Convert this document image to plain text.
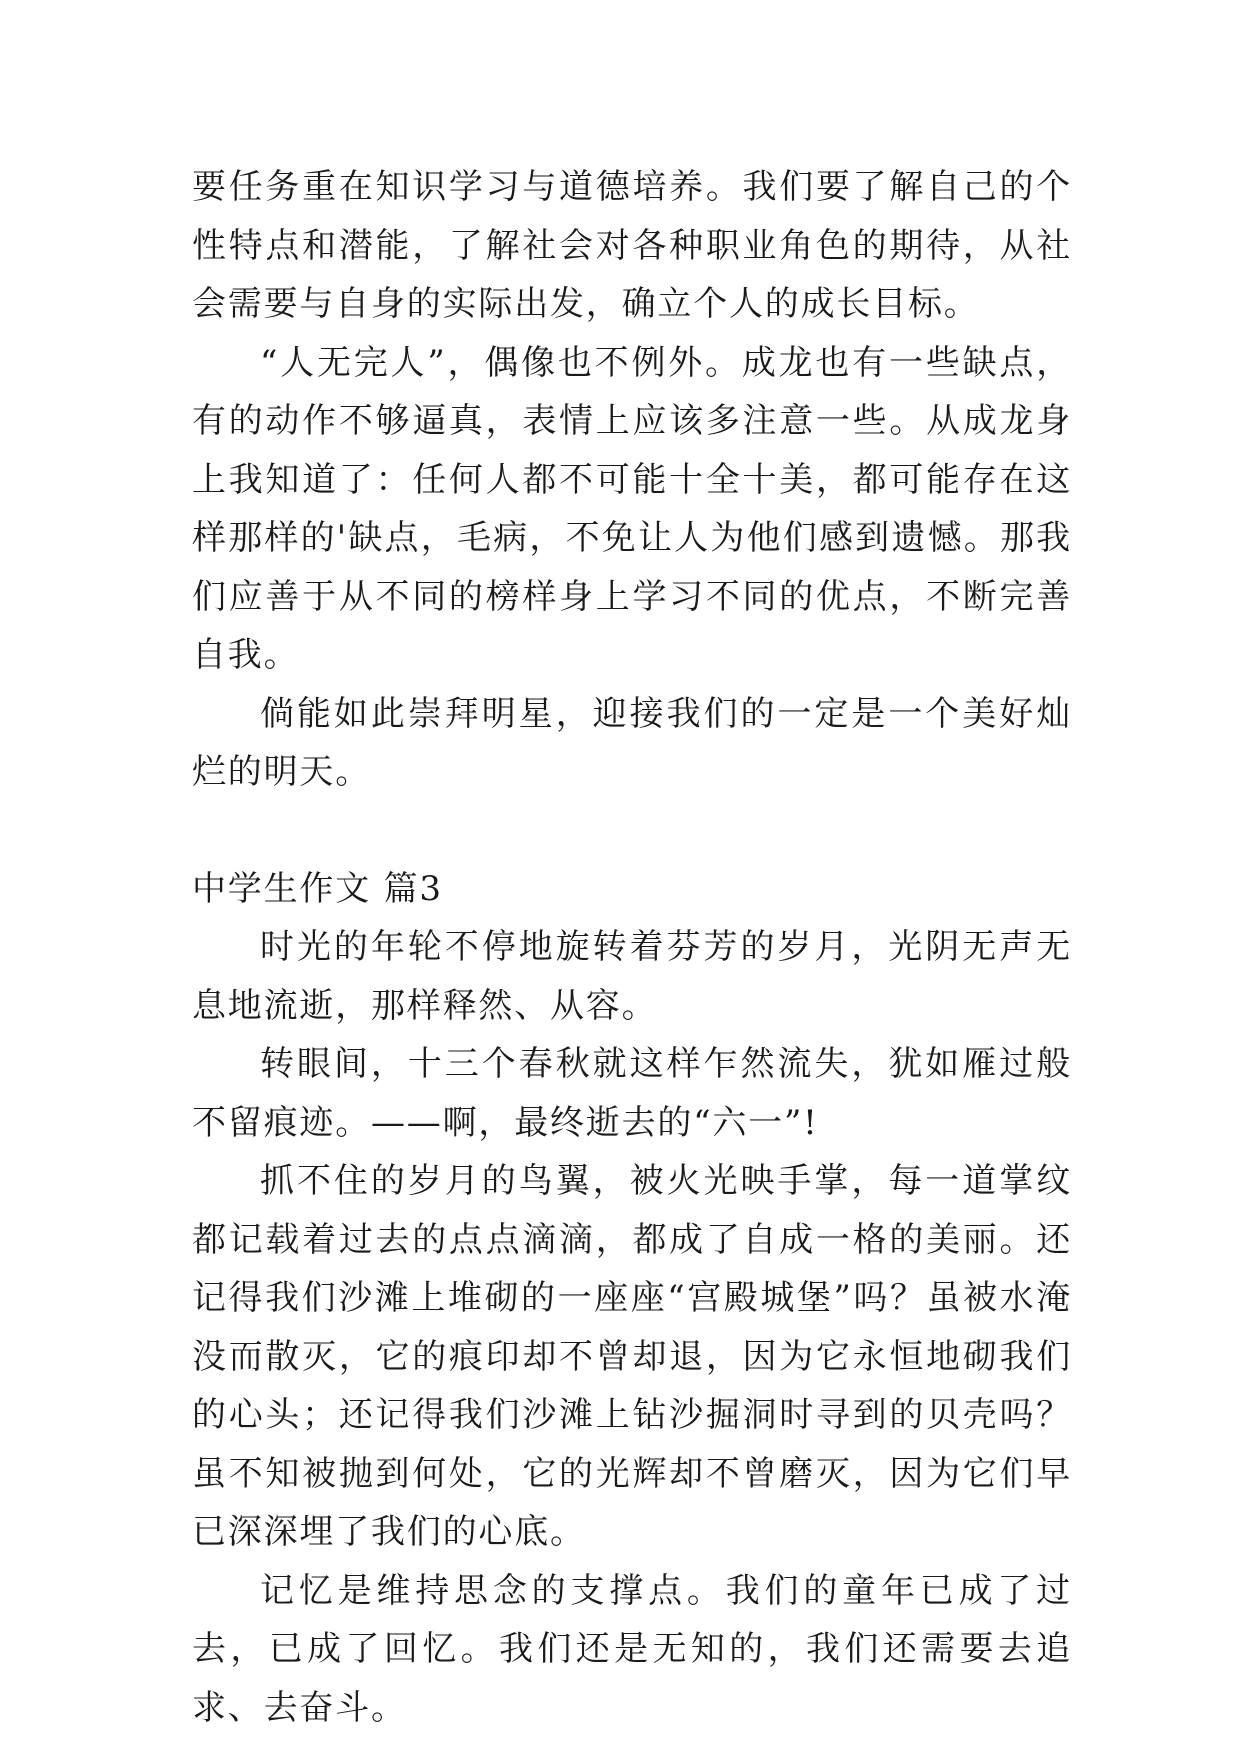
要任务重在知识学习与道德培养。我们要了解自己的个性特点和潜能，了解社会对各种职业角色的期待，从社会需要与自身的实际出发，确立个人的成长目标。

“人无完人”，偶像也不例外。成龙也有一些缺点，有的动作不够逼真，表情上应该多注意一些。从成龙身上我知道了：任何人都不可能十全十美，都可能存在这样那样的'缺点，毛病，不免让人为他们感到遗憾。那我们应善于从不同的榜样身上学习不同的优点，不断完善自我。

倘能如此崇拜明星，迎接我们的一定是一个美好灿烂的明天。

中学生作文 篇3

时光的年轮不停地旋转着芬芳的岁月，光阴无声无息地流逝，那样释然、从容。

转眼间，十三个春秋就这样乍然流失，犹如雁过般不留痕迹。——啊，最终逝去的“六一”!

抓不住的岁月的鸟翼，被火光映手掌，每一道掌纹都记载着过去的点点滴滴，都成了自成一格的美丽。还记得我们沙滩上堆砌的一座座“宫殿城堡”吗？虽被水淹没而散灭，它的痕印却不曾却退，因为它永恒地砌我们的心头；还记得我们沙滩上钻沙掘洞时寻到的贝壳吗？虽不知被抛到何处，它的光辉却不曾磨灭，因为它们早已深深埋了我们的心底。

记忆是维持思念的支撑点。我们的童年已成了过去，已成了回忆。我们还是无知的，我们还需要去追求、去奋斗。
